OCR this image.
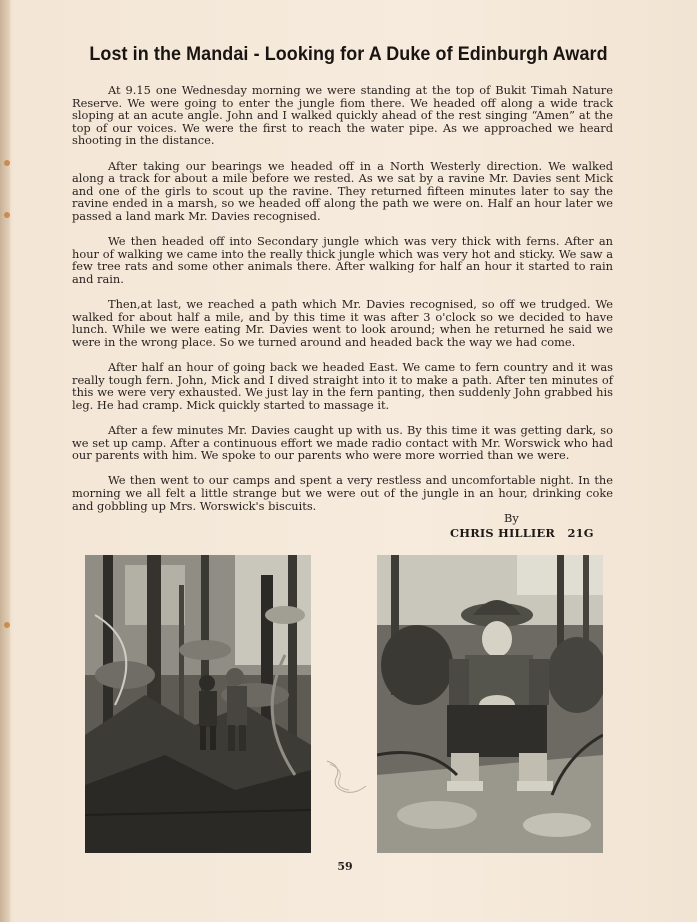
Lost in the Mandai - Looking for A Duke of Edinburgh Award

At 9.15 one Wednesday morning we were standing at the top of Bukit Timah Nature Reserve. We were going to enter the jungle fiom there. We headed off along a wide track sloping at an acute angle. John and I walked quickly ahead of the rest singing “Amen” at the top of our voices. We were the first to reach the water pipe. As we approached we heard shooting in the distance.

After taking our bearings we headed off in a North Westerly direction. We walked along a track for about a mile before we rested. As we sat by a ravine Mr. Davies sent Mick and one of the girls to scout up the ravine. They returned fifteen minutes later to say the ravine ended in a marsh, so we headed off along the path we were on. Half an hour later we passed a land mark Mr. Davies recognised.

We then headed off into Secondary jungle which was very thick with ferns. After an hour of walking we came into the really thick jungle which was very hot and sticky. We saw a few tree rats and some other animals there. After walking for half an hour it started to rain and rain.

Then,at last, we reached a path which Mr. Davies recognised, so off we trudged. We walked for about half a mile, and by this time it was after 3 o'clock so we decided to have lunch. While we were eating Mr. Davies went to look around; when he returned he said we were in the wrong place. So we turned around and headed back the way we had come.

After half an hour of going back we headed East. We came to fern country and it was really tough fern. John, Mick and I dived straight into it to make a path. After ten minutes of this we were very exhausted. We just lay in the fern panting, then suddenly John grabbed his leg. He had cramp. Mick quickly started to massage it.

After a few minutes Mr. Davies caught up with us. By this time it was getting dark, so we set up camp. After a continuous effort we made radio contact with Mr. Worswick who had our parents with him. We spoke to our parents who were more worried than we were.

We then went to our camps and spent a very restless and uncomfortable night. In the morning we all felt a little strange but we were out of the jungle in an hour, drinking coke and gobbling up Mrs. Worswick's biscuits.

By
CHRIS HILLIER 21G
59
